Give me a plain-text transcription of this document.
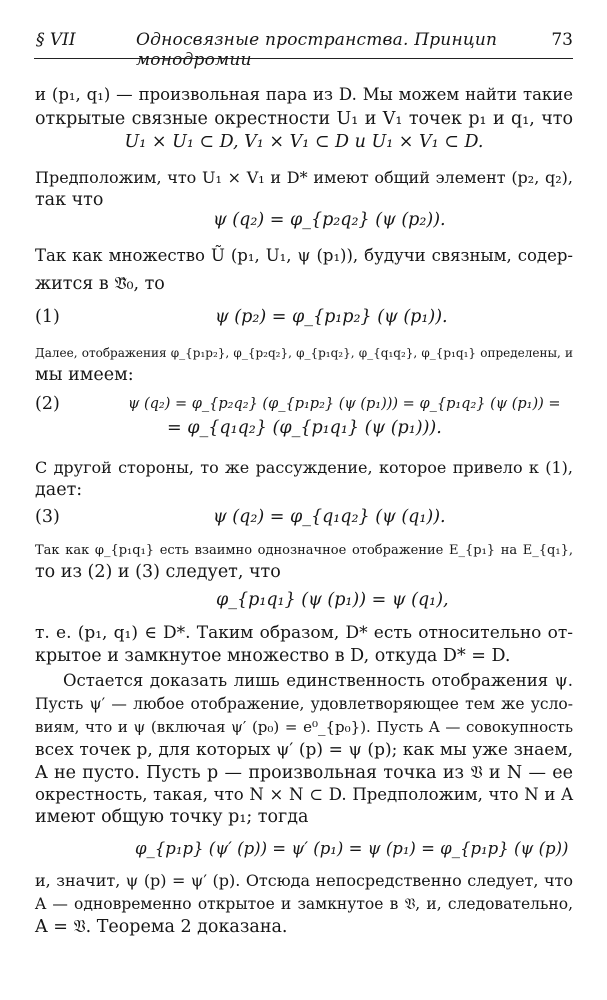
§ VII	Односвязные пространства. Принцип монодромии
73
и (p₁, q₁) — произвольная пара из D. Мы можем найти такие
открытые связные окрестности U₁ и V₁ точек p₁ и q₁, что
U₁ × U₁ ⊂ D, V₁ × V₁ ⊂ D и U₁ × V₁ ⊂ D.
Предположим, что U₁ × V₁ и D* имеют общий элемент (p₂, q₂),
так что
ψ (q₂) = φ_{p₂q₂} (ψ (p₂)).
Так как множество Ũ (p₁, U₁, ψ (p₁)), будучи связным, содер-
жится в 𝔙̃₀, то
(1)	ψ (p₂) = φ_{p₁p₂} (ψ (p₁)).
Далее, отображения φ_{p₁p₂}, φ_{p₂q₂}, φ_{p₁q₂}, φ_{q₁q₂}, φ_{p₁q₁} определены, и
мы имеем:
(2)	ψ (q₂) = φ_{p₂q₂} (φ_{p₁p₂} (ψ (p₁))) = φ_{p₁q₂} (ψ (p₁)) =
= φ_{q₁q₂} (φ_{p₁q₁} (ψ (p₁))).
С другой стороны, то же рассуждение, которое привело к (1),
дает:
(3)	ψ (q₂) = φ_{q₁q₂} (ψ (q₁)).
Так как φ_{p₁q₁} есть взаимно однозначное отображение E_{p₁} на E_{q₁},
то из (2) и (3) следует, что
φ_{p₁q₁} (ψ (p₁)) = ψ (q₁),
т. е. (p₁, q₁) ∈ D*. Таким образом, D* есть относительно от-
крытое и замкнутое множество в D, откуда D* = D.
Остается доказать лишь единственность отображения ψ.
Пусть ψ′ — любое отображение, удовлетворяющее тем же усло-
виям, что и ψ (включая ψ′ (p₀) = e⁰_{p₀}). Пусть A — совокупность
всех точек p, для которых ψ′ (p) = ψ (p); как мы уже знаем,
A не пусто. Пусть p — произвольная точка из 𝔙 и N — ее
окрестность, такая, что N × N ⊂ D. Предположим, что N и A
имеют общую точку p₁; тогда
φ_{p₁p} (ψ′ (p)) = ψ′ (p₁) = ψ (p₁) = φ_{p₁p} (ψ (p))
и, значит, ψ (p) = ψ′ (p). Отсюда непосредственно следует, что
A — одновременно открытое и замкнутое в 𝔙, и, следовательно,
A = 𝔙. Теорема 2 доказана.
